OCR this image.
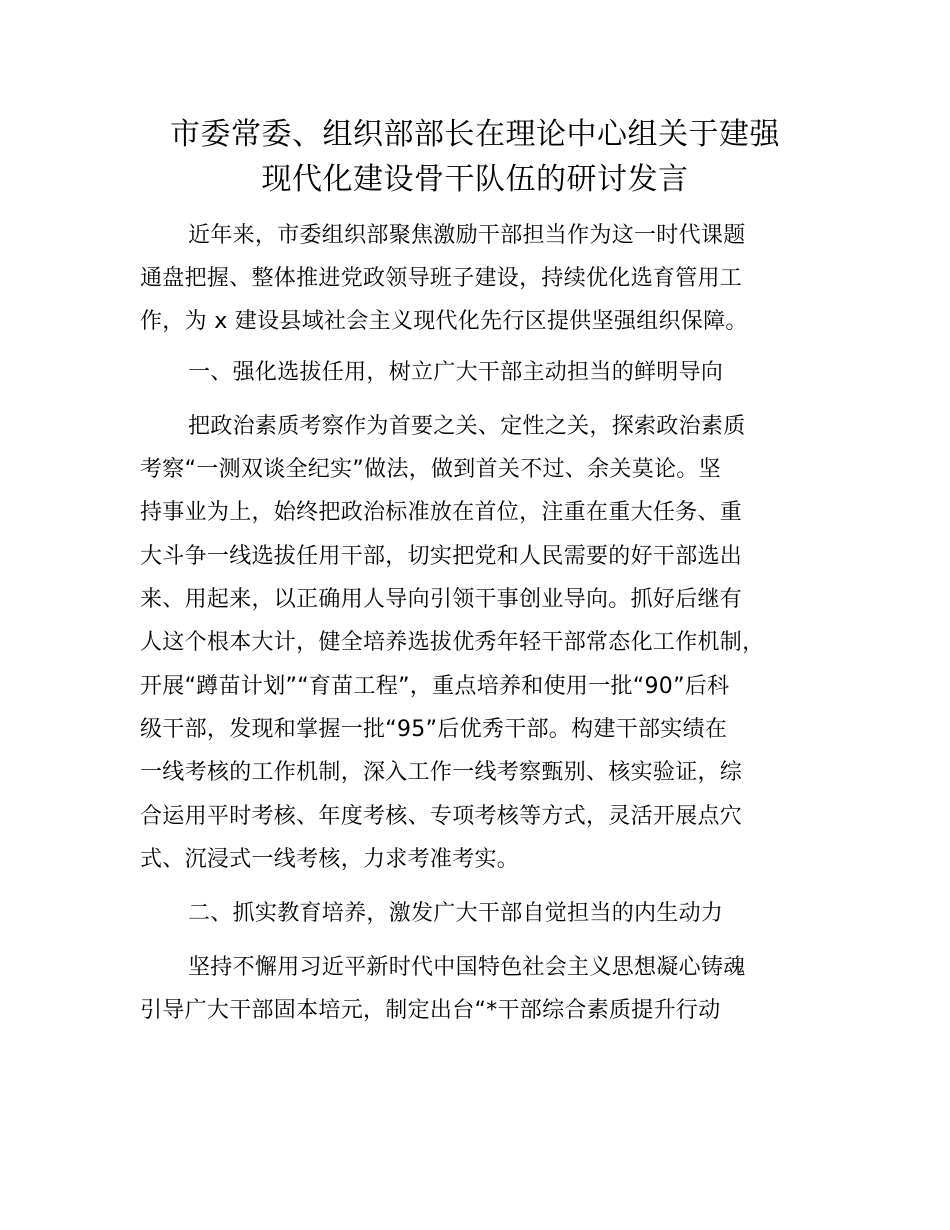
市委常委、组织部部长在理论中心组关于建强
现代化建设骨干队伍的研讨发言
近年来，市委组织部聚焦激励干部担当作为这一时代课题
通盘把握、整体推进党政领导班子建设，持续优化选育管用工
作，为 x 建设县域社会主义现代化先行区提供坚强组织保障。
一、强化选拔任用，树立广大干部主动担当的鲜明导向
把政治素质考察作为首要之关、定性之关，探索政治素质
考察“一测双谈全纪实”做法，做到首关不过、余关莫论。坚
持事业为上，始终把政治标准放在首位，注重在重大任务、重
大斗争一线选拔任用干部，切实把党和人民需要的好干部选出
来、用起来，以正确用人导向引领干事创业导向。抓好后继有
人这个根本大计，健全培养选拔优秀年轻干部常态化工作机制，
开展“蹲苗计划”“育苗工程”，重点培养和使用一批“90”后科
级干部，发现和掌握一批“95”后优秀干部。构建干部实绩在
一线考核的工作机制，深入工作一线考察甄别、核实验证，综
合运用平时考核、年度考核、专项考核等方式，灵活开展点穴
式、沉浸式一线考核，力求考准考实。
二、抓实教育培养，激发广大干部自觉担当的内生动力
坚持不懈用习近平新时代中国特色社会主义思想凝心铸魂
引导广大干部固本培元，制定出台“*干部综合素质提升行动
